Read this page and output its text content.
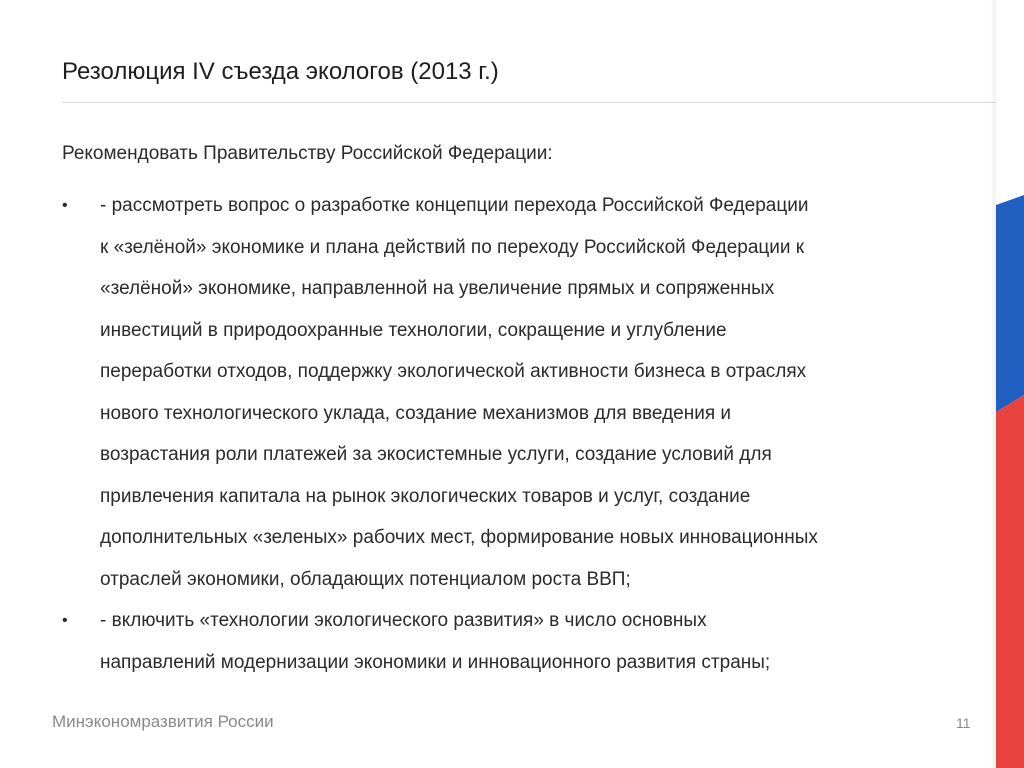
Резолюция IV съезда экологов (2013 г.)
Рекомендовать Правительству Российской Федерации:
• - рассмотреть вопрос о разработке концепции перехода Российской Федерации
к «зелёной» экономике и плана действий по переходу Российской Федерации к
«зелёной» экономике, направленной на увеличение прямых и сопряженных
инвестиций в природоохранные технологии, сокращение и углубление
переработки отходов, поддержку экологической активности бизнеса в отраслях
нового технологического уклада, создание механизмов для введения и
возрастания роли платежей за экосистемные услуги, создание условий для
привлечения капитала на рынок экологических товаров и услуг, создание
дополнительных «зеленых» рабочих мест, формирование новых инновационных
отраслей экономики, обладающих потенциалом роста ВВП;
• - включить «технологии экологического развития» в число основных
направлений модернизации экономики и инновационного развития страны;
Минэкономразвития России	11
